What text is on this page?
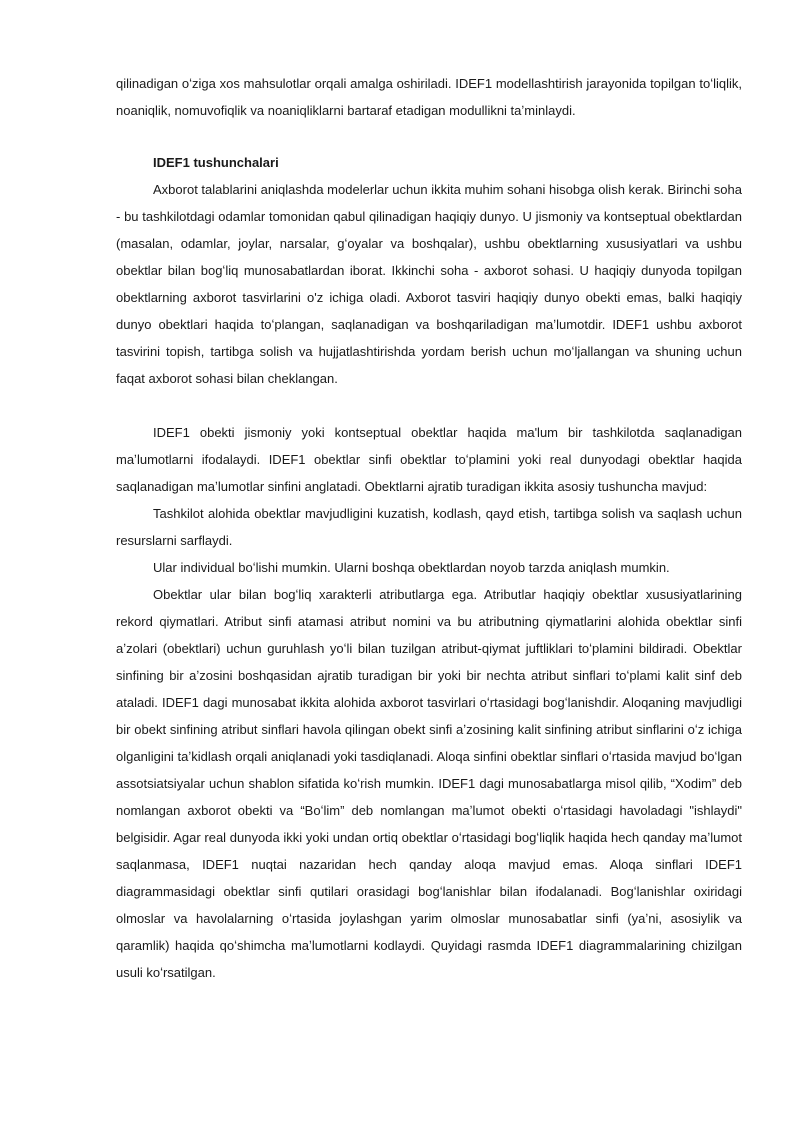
qilinadigan oʻziga xos mahsulotlar orqali amalga oshiriladi. IDEF1 modellashtirish jarayonida topilgan toʻliqlik, noaniqlik, nomuvofiqlik va noaniqliklarni bartaraf etadigan modullikni taʼminlaydi.

IDEF1 tushunchalari

Axborot talablarini aniqlashda modelerlar uchun ikkita muhim sohani hisobga olish kerak. Birinchi soha - bu tashkilotdagi odamlar tomonidan qabul qilinadigan haqiqiy dunyo. U jismoniy va kontseptual obektlardan (masalan, odamlar, joylar, narsalar, gʻoyalar va boshqalar), ushbu obektlarning xususiyatlari va ushbu obektlar bilan bogʻliq munosabatlardan iborat. Ikkinchi soha - axborot sohasi. U haqiqiy dunyoda topilgan obektlarning axborot tasvirlarini o'z ichiga oladi. Axborot tasviri haqiqiy dunyo obekti emas, balki haqiqiy dunyo obektlari haqida toʻplangan, saqlanadigan va boshqariladigan maʼlumotdir. IDEF1 ushbu axborot tasvirini topish, tartibga solish va hujjatlashtirishda yordam berish uchun moʻljallangan va shuning uchun faqat axborot sohasi bilan cheklangan.

IDEF1 obekti jismoniy yoki kontseptual obektlar haqida ma'lum bir tashkilotda saqlanadigan maʼlumotlarni ifodalaydi. IDEF1 obektlar sinfi obektlar toʻplamini yoki real dunyodagi obektlar haqida saqlanadigan maʼlumotlar sinfini anglatadi. Obektlarni ajratib turadigan ikkita asosiy tushuncha mavjud:

Tashkilot alohida obektlar mavjudligini kuzatish, kodlash, qayd etish, tartibga solish va saqlash uchun resurslarni sarflaydi.

Ular individual boʻlishi mumkin. Ularni boshqa obektlardan noyob tarzda aniqlash mumkin.

Obektlar ular bilan bogʻliq xarakterli atributlarga ega. Atributlar haqiqiy obektlar xususiyatlarining rekord qiymatlari. Atribut sinfi atamasi atribut nomini va bu atributning qiymatlarini alohida obektlar sinfi aʼzolari (obektlari) uchun guruhlash yoʻli bilan tuzilgan atribut-qiymat juftliklari toʻplamini bildiradi. Obektlar sinfining bir aʼzosini boshqasidan ajratib turadigan bir yoki bir nechta atribut sinflari toʻplami kalit sinf deb ataladi. IDEF1 dagi munosabat ikkita alohida axborot tasvirlari oʻrtasidagi bogʻlanishdir. Aloqaning mavjudligi bir obekt sinfining atribut sinflari havola qilingan obekt sinfi aʼzosining kalit sinfining atribut sinflarini oʻz ichiga olganligini taʼkidlash orqali aniqlanadi yoki tasdiqlanadi. Aloqa sinfini obektlar sinflari oʻrtasida mavjud boʻlgan assotsiatsiyalar uchun shablon sifatida koʻrish mumkin. IDEF1 dagi munosabatlarga misol qilib, “Xodim” deb nomlangan axborot obekti va “Boʻlim” deb nomlangan maʼlumot obekti oʻrtasidagi havoladagi "ishlaydi" belgisidir. Agar real dunyoda ikki yoki undan ortiq obektlar oʻrtasidagi bogʻliqlik haqida hech qanday maʼlumot saqlanmasa, IDEF1 nuqtai nazaridan hech qanday aloqa mavjud emas. Aloqa sinflari IDEF1 diagrammasidagi obektlar sinfi qutilari orasidagi bogʻlanishlar bilan ifodalanadi. Bogʻlanishlar oxiridagi olmoslar va havolalarning oʻrtasida joylashgan yarim olmoslar munosabatlar sinfi (yaʼni, asosiylik va qaramlik) haqida qoʻshimcha maʼlumotlarni kodlaydi. Quyidagi rasmda IDEF1 diagrammalarining chizilgan usuli koʻrsatilgan.
